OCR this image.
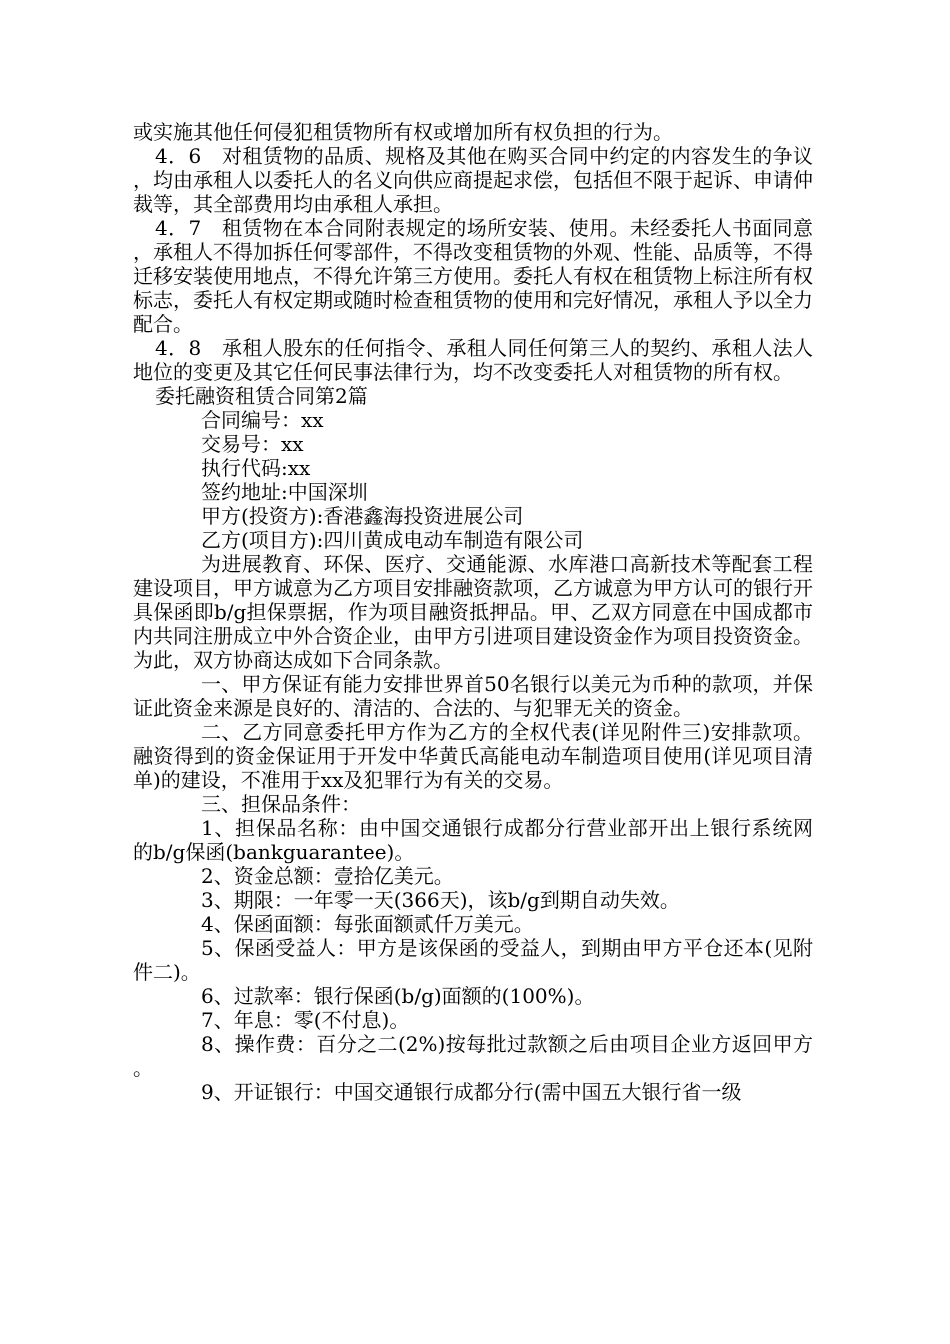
或实施其他任何侵犯租赁物所有权或增加所有权负担的行为。

4．6　对租赁物的品质、规格及其他在购买合同中约定的内容发生的争议，均由承租人以委托人的名义向供应商提起求偿，包括但不限于起诉、申请仲裁等，其全部费用均由承租人承担。

4．7　租赁物在本合同附表规定的场所安装、使用。未经委托人书面同意，承租人不得加拆任何零部件，不得改变租赁物的外观、性能、品质等，不得迁移安装使用地点，不得允许第三方使用。委托人有权在租赁物上标注所有权标志，委托人有权定期或随时检查租赁物的使用和完好情况，承租人予以全力配合。

4．8　承租人股东的任何指令、承租人同任何第三人的契约、承租人法人地位的变更及其它任何民事法律行为，均不改变委托人对租赁物的所有权。

委托融资租赁合同第2篇

合同编号：xx

交易号：xx

执行代码:xx

签约地址:中国深圳

甲方(投资方):香港鑫海投资进展公司

乙方(项目方):四川黄成电动车制造有限公司

为进展教育、环保、医疗、交通能源、水库港口高新技术等配套工程建设项目，甲方诚意为乙方项目安排融资款项，乙方诚意为甲方认可的银行开具保函即b/g担保票据，作为项目融资抵押品。甲、乙双方同意在中国成都市内共同注册成立中外合资企业，由甲方引进项目建设资金作为项目投资资金。为此，双方协商达成如下合同条款。

一、甲方保证有能力安排世界首50名银行以美元为币种的款项，并保证此资金来源是良好的、清洁的、合法的、与犯罪无关的资金。

二、乙方同意委托甲方作为乙方的全权代表(详见附件三)安排款项。融资得到的资金保证用于开发中华黄氏高能电动车制造项目使用(详见项目清单)的建设，不准用于xx及犯罪行为有关的交易。

三、担保品条件：

1、担保品名称：由中国交通银行成都分行营业部开出上银行系统网的b/g保函(bankguarantee)。

2、资金总额：壹拾亿美元。

3、期限：一年零一天(366天)，该b/g到期自动失效。

4、保函面额：每张面额贰仟万美元。

5、保函受益人：甲方是该保函的受益人，到期由甲方平仓还本(见附件二)。

6、过款率：银行保函(b/g)面额的(100%)。

7、年息：零(不付息)。

8、操作费：百分之二(2%)按每批过款额之后由项目企业方返回甲方。

9、开证银行：中国交通银行成都分行(需中国五大银行省一级
